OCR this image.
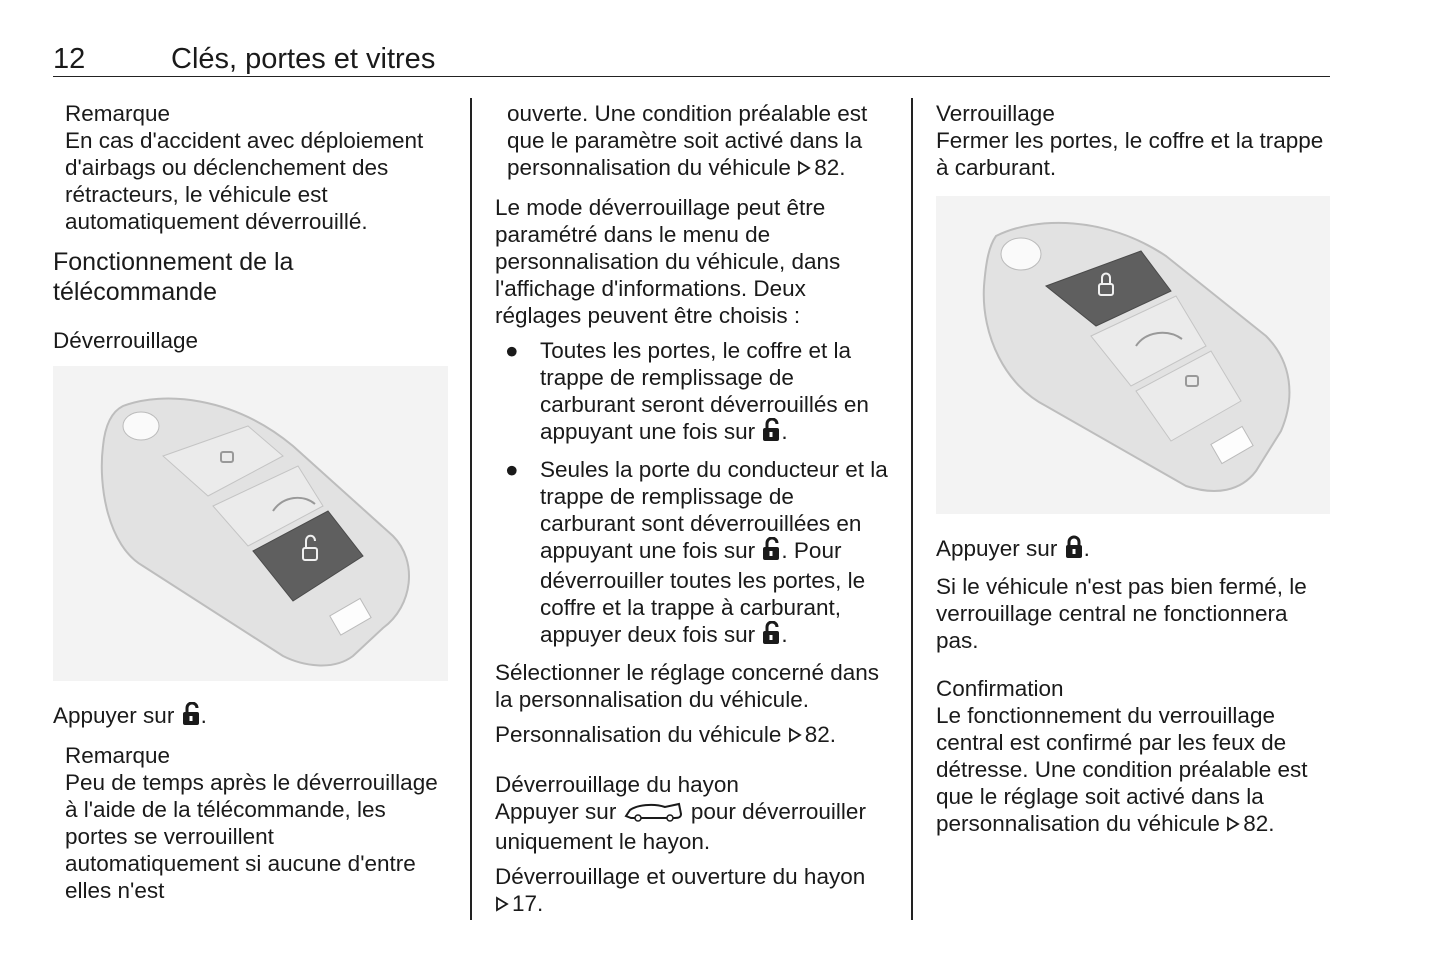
12	Clés, portes et vitres

Remarque

En cas d'accident avec déploiement d'airbags ou déclenchement des rétracteurs, le véhicule est automatiquement déverrouillé.

Fonctionnement de la télécommande

Déverrouillage

Appuyer sur .

Remarque

Peu de temps après le déverrouillage à l'aide de la télécommande, les portes se verrouillent automatiquement si aucune d'entre elles n'est

ouverte. Une condition préalable est que le paramètre soit activé dans la personnalisation du véhicule 82.

Le mode déverrouillage peut être paramétré dans le menu de personnalisation du véhicule, dans l'affichage d'informations. Deux réglages peuvent être choisis :

● Toutes les portes, le coffre et la trappe de remplissage de carburant seront déverrouillés en appuyant une fois sur .
● Seules la porte du conducteur et la trappe de remplissage de carburant sont déverrouillées en appuyant une fois sur . Pour déverrouiller toutes les portes, le coffre et la trappe à carburant, appuyer deux fois sur .

Sélectionner le réglage concerné dans la personnalisation du véhicule.

Personnalisation du véhicule 82.

Déverrouillage du hayon

Appuyer sur	pour déverrouiller uniquement le hayon.

Déverrouillage et ouverture du hayon
17.

Verrouillage

Fermer les portes, le coffre et la trappe à carburant.

Appuyer sur .

Si le véhicule n'est pas bien fermé, le verrouillage central ne fonctionnera pas.

Confirmation

Le fonctionnement du verrouillage central est confirmé par les feux de détresse. Une condition préalable est que le réglage soit activé dans la personnalisation du véhicule 82.
